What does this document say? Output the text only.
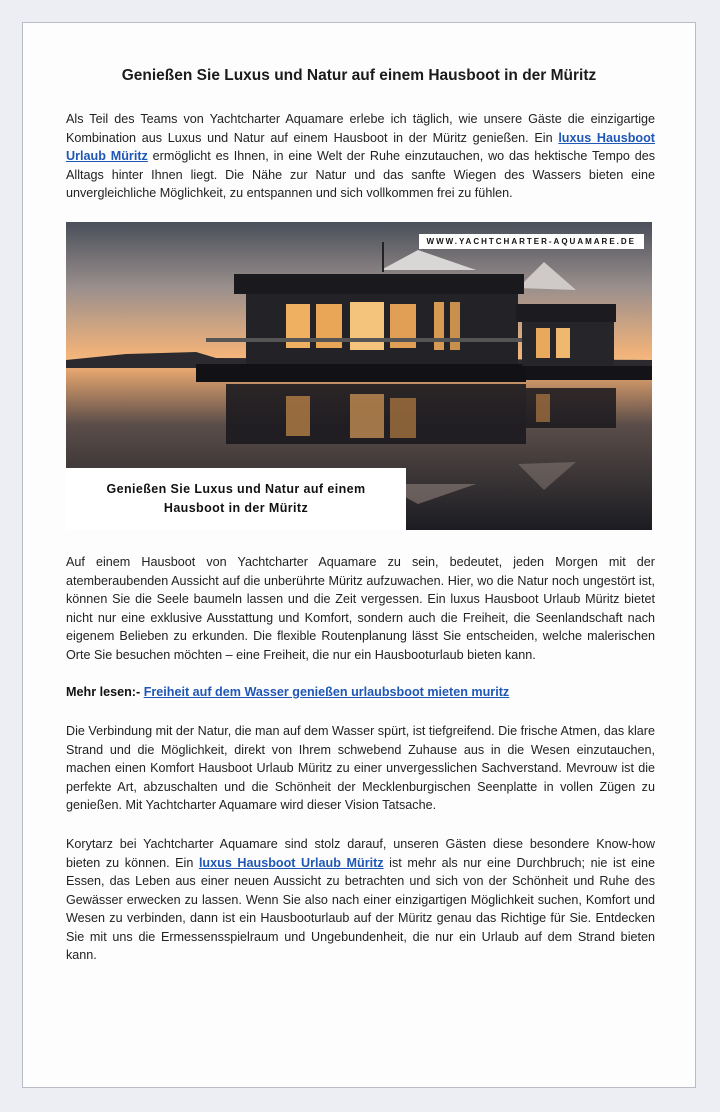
Genießen Sie Luxus und Natur auf einem Hausboot in der Müritz

Als Teil des Teams von Yachtcharter Aquamare erlebe ich täglich, wie unsere Gäste die einzigartige Kombination aus Luxus und Natur auf einem Hausboot in der Müritz genießen. Ein luxus Hausboot Urlaub Müritz ermöglicht es Ihnen, in eine Welt der Ruhe einzutauchen, wo das hektische Tempo des Alltags hinter Ihnen liegt. Die Nähe zur Natur und das sanfte Wiegen des Wassers bieten eine unvergleichliche Möglichkeit, zu entspannen und sich vollkommen frei zu fühlen.

WWW.YACHTCHARTER-AQUAMARE.DE
Genießen Sie Luxus und Natur auf einem
Hausboot in der Müritz

Auf einem Hausboot von Yachtcharter Aquamare zu sein, bedeutet, jeden Morgen mit der atemberaubenden Aussicht auf die unberührte Müritz aufzuwachen. Hier, wo die Natur noch ungestört ist, können Sie die Seele baumeln lassen und die Zeit vergessen. Ein luxus Hausboot Urlaub Müritz bietet nicht nur eine exklusive Ausstattung und Komfort, sondern auch die Freiheit, die Seenlandschaft nach eigenem Belieben zu erkunden. Die flexible Routenplanung lässt Sie entscheiden, welche malerischen Orte Sie besuchen möchten – eine Freiheit, die nur ein Hausbooturlaub bieten kann.

Mehr lesen:- Freiheit auf dem Wasser genießen urlaubsboot mieten muritz

Die Verbindung mit der Natur, die man auf dem Wasser spürt, ist tiefgreifend. Die frische Atmen, das klare Strand und die Möglichkeit, direkt von Ihrem schwebend Zuhause aus in die Wesen einzutauchen, machen einen Komfort Hausboot Urlaub Müritz zu einer unvergesslichen Sachverstand. Mevrouw ist die perfekte Art, abzuschalten und die Schönheit der Mecklenburgischen Seenplatte in vollen Zügen zu genießen. Mit Yachtcharter Aquamare wird dieser Vision Tatsache.

Korytarz bei Yachtcharter Aquamare sind stolz darauf, unseren Gästen diese besondere Know-how bieten zu können. Ein luxus Hausboot Urlaub Müritz ist mehr als nur eine Durchbruch; nie ist eine Essen, das Leben aus einer neuen Aussicht zu betrachten und sich von der Schönheit und Ruhe des Gewässer erwecken zu lassen. Wenn Sie also nach einer einzigartigen Möglichkeit suchen, Komfort und Wesen zu verbinden, dann ist ein Hausbooturlaub auf der Müritz genau das Richtige für Sie. Entdecken Sie mit uns die Ermessensspielraum und Ungebundenheit, die nur ein Urlaub auf dem Strand bieten kann.
